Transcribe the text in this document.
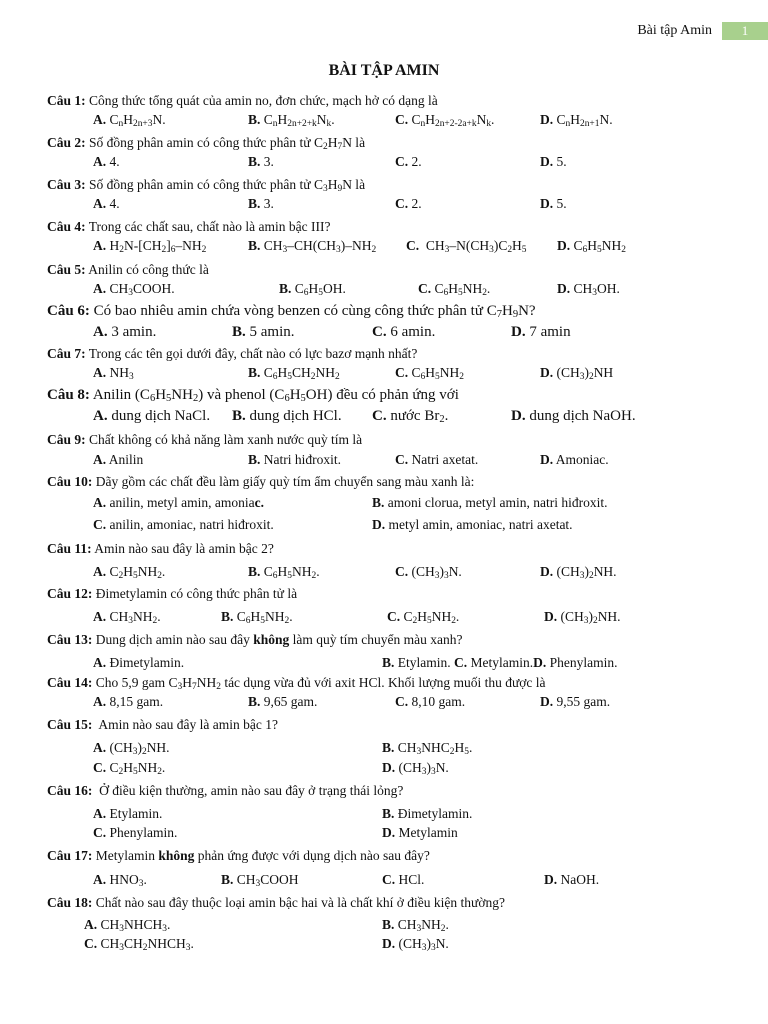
Bài tập Amin	1
BÀI TẬP AMIN
Câu 1: Công thức tổng quát của amin no, đơn chức, mạch hở có dạng là
A. $C_nH_{2n+3}N$.	B. $C_nH_{2n+2+k}N_k$.	C. $C_nH_{2n+2-2a+k}N_k$.	D. $C_nH_{2n+1}N$.
Câu 2: Số đồng phân amin có công thức phân tử $C_2H_7N$ là
A. 4.	B. 3.	C. 2.	D. 5.
Câu 3: Số đồng phân amin có công thức phân tử $C_3H_9N$ là
A. 4.	B. 3.	C. 2.	D. 5.
Câu 4: Trong các chất sau, chất nào là amin bậc III?
A. $H_2N-[CH_2]_6-NH_2$	B. $CH_3-CH(CH_3)-NH_2$ C.  $CH_3-N(CH_3)C_2H_5$ D. $C_6H_5NH_2$
Câu 5: Anilin có công thức là
A. $CH_3COOH$.	B. $C_6H_5OH$.	C. $C_6H_5NH_2$.	D. $CH_3OH$.
Câu 6: Có bao nhiêu amin chứa vòng benzen có cùng công thức phân tử $C_7H_9N$?
A. 3 amin.	B. 5 amin.	C. 6 amin.	D. 7 amin
Câu 7: Trong các tên gọi dưới đây, chất nào có lực bazơ mạnh nhất?
A. $NH_3$	B. $C_6H_5CH_2NH_2$	C. $C_6H_5NH_2$	D. $(CH_3)_2NH$
Câu 8: Anilin $(C_6H_5NH_2)$ và phenol $(C_6H_5OH)$ đều có phản ứng với
A. dung dịch NaCl. B. dung dịch HCl. C. nước $Br_2$.	D. dung dịch NaOH.
Câu 9: Chất không có khả năng làm xanh nước quỳ tím là
A. Anilin	B. Natri hiđroxit.	C. Natri axetat.	D. Amoniac.
Câu 10: Dãy gồm các chất đều làm giấy quỳ tím ẩm chuyển sang màu xanh là:
A. anilin, metyl amin, amoniac.	B. amoni clorua, metyl amin, natri hiđroxit.
C. anilin, amoniac, natri hiđroxit.	D. metyl amin, amoniac, natri axetat.
Câu 11: Amin nào sau đây là amin bậc 2?
A. $C_2H_5NH_2$.	B. $C_6H_5NH_2$.	C. $(CH_3)_3N$.	D. $(CH_3)_2NH$.
Câu 12: Đimetylamin có công thức phân tử là
A. $CH_3NH_2$.	B. $C_6H_5NH_2$.	C. $C_2H_5NH_2$.	D. $(CH_3)_2NH$.
Câu 13: Dung dịch amin nào sau đây không làm quỳ tím chuyển màu xanh?
A. Đimetylamin.	B. Etylamin. C. Metylamin.D. Phenylamin.
Câu 14: Cho 5,9 gam $C_3H_7NH_2$ tác dụng vừa đủ với axit HCl. Khối lượng muối thu được là
A. 8,15 gam.	B. 9,65 gam.	C. 8,10 gam.	D. 9,55 gam.
Câu 15: Amin nào sau đây là amin bậc 1?
A. $(CH_3)_2NH$.	B. $CH_3NHC_2H_5$.
C. $C_2H_5NH_2$.	D. $(CH_3)_3N$.
Câu 16: Ở điều kiện thường, amin nào sau đây ở trạng thái lỏng?
A. Etylamin.	B. Đimetylamin.
C. Phenylamin.	D. Metylamin
Câu 17: Metylamin không phản ứng được với dụng dịch nào sau đây?
A. $HNO_3$.	B. $CH_3COOH$	C. HCl.	D. NaOH.
Câu 18: Chất nào sau đây thuộc loại amin bậc hai và là chất khí ở điều kiện thường?
A. $CH_3NHCH_3$.	B. $CH_3NH_2$.
C. $CH_3CH_2NHCH_3$.	D. $(CH_3)_3N$.
